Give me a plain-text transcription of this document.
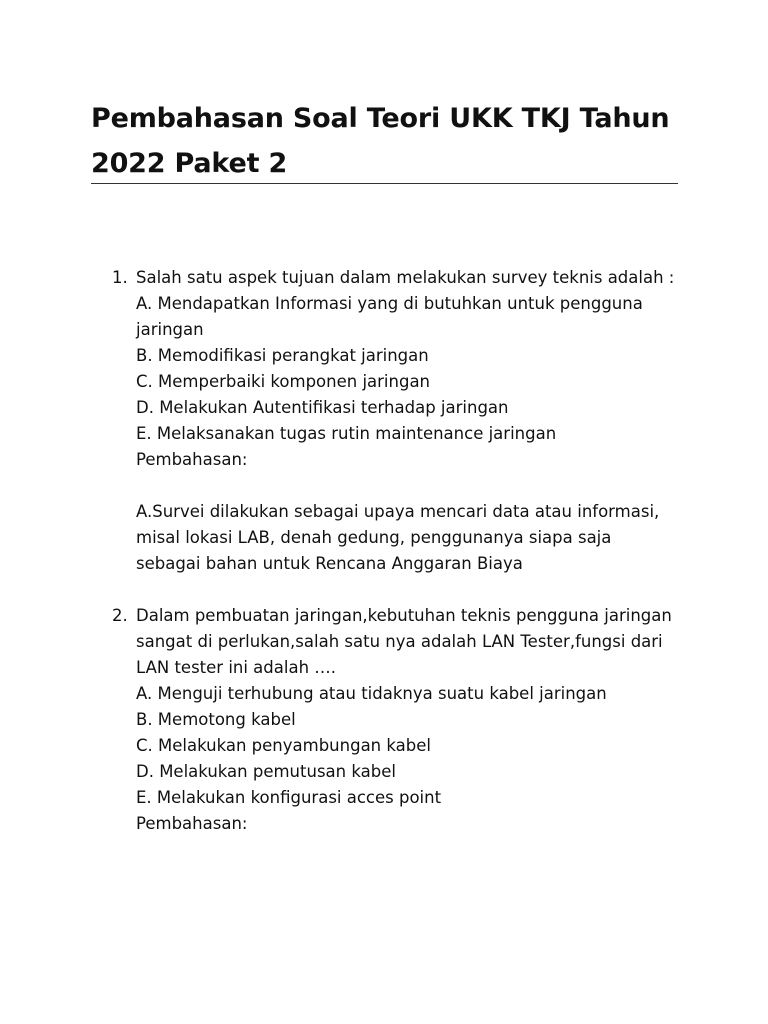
Pembahasan Soal Teori UKK TKJ Tahun 2022 Paket 2
1. Salah satu aspek tujuan dalam melakukan survey teknis adalah :
A. Mendapatkan Informasi yang di butuhkan untuk pengguna jaringan
B. Memodifikasi perangkat jaringan
C. Memperbaiki komponen jaringan
D. Melakukan Autentifikasi terhadap jaringan
E. Melaksanakan tugas rutin maintenance jaringan
Pembahasan:
A.Survei dilakukan sebagai upaya mencari data atau informasi, misal lokasi LAB, denah gedung, penggunanya siapa saja sebagai bahan untuk Rencana Anggaran Biaya
2. Dalam pembuatan jaringan,kebutuhan teknis pengguna jaringan sangat di perlukan,salah satu nya adalah LAN Tester,fungsi dari LAN tester ini adalah ….
A. Menguji terhubung atau tidaknya suatu kabel jaringan
B. Memotong kabel
C. Melakukan penyambungan kabel
D. Melakukan pemutusan kabel
E. Melakukan konfigurasi acces point
Pembahasan:
